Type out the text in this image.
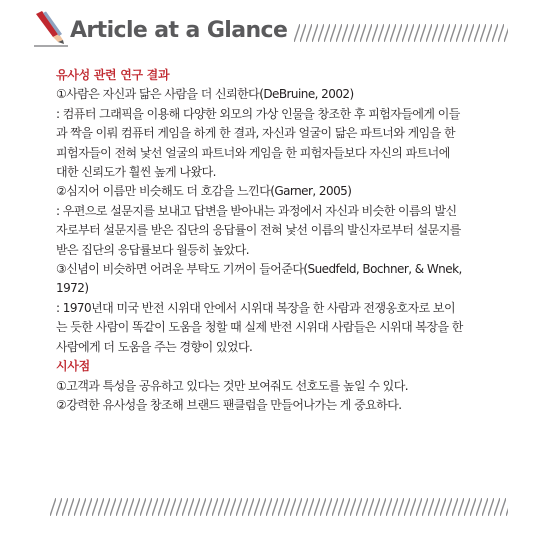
Article at a Glance

유사성 관련 연구 결과

①사람은 자신과 닮은 사람을 더 신뢰한다(DeBruine, 2002)

: 컴퓨터 그래픽을 이용해 다양한 외모의 가상 인물을 창조한 후 피험자들에게 이들

과 짝을 이뤄 컴퓨터 게임을 하게 한 결과, 자신과 얼굴이 닮은 파트너와 게임을 한

피험자들이 전혀 낯선 얼굴의 파트너와 게임을 한 피험자들보다 자신의 파트너에

대한 신뢰도가 훨씬 높게 나왔다.

②심지어 이름만 비슷해도 더 호감을 느낀다(Garner, 2005)

: 우편으로 설문지를 보내고 답변을 받아내는 과정에서 자신과 비슷한 이름의 발신

자로부터 설문지를 받은 집단의 응답률이 전혀 낯선 이름의 발신자로부터 설문지를

받은 집단의 응답률보다 월등히 높았다.

③신념이 비슷하면 어려운 부탁도 기꺼이 들어준다(Suedfeld, Bochner, & Wnek,

1972)

: 1970년대 미국 반전 시위대 안에서 시위대 복장을 한 사람과 전쟁옹호자로 보이

는 듯한 사람이 똑같이 도움을 청할 때 실제 반전 시위대 사람들은 시위대 복장을 한

사람에게 더 도움을 주는 경향이 있었다.

시사점

①고객과 특성을 공유하고 있다는 것만 보여줘도 선호도를 높일 수 있다.

②강력한 유사성을 창조해 브랜드 팬클럽을 만들어나가는 게 중요하다.
